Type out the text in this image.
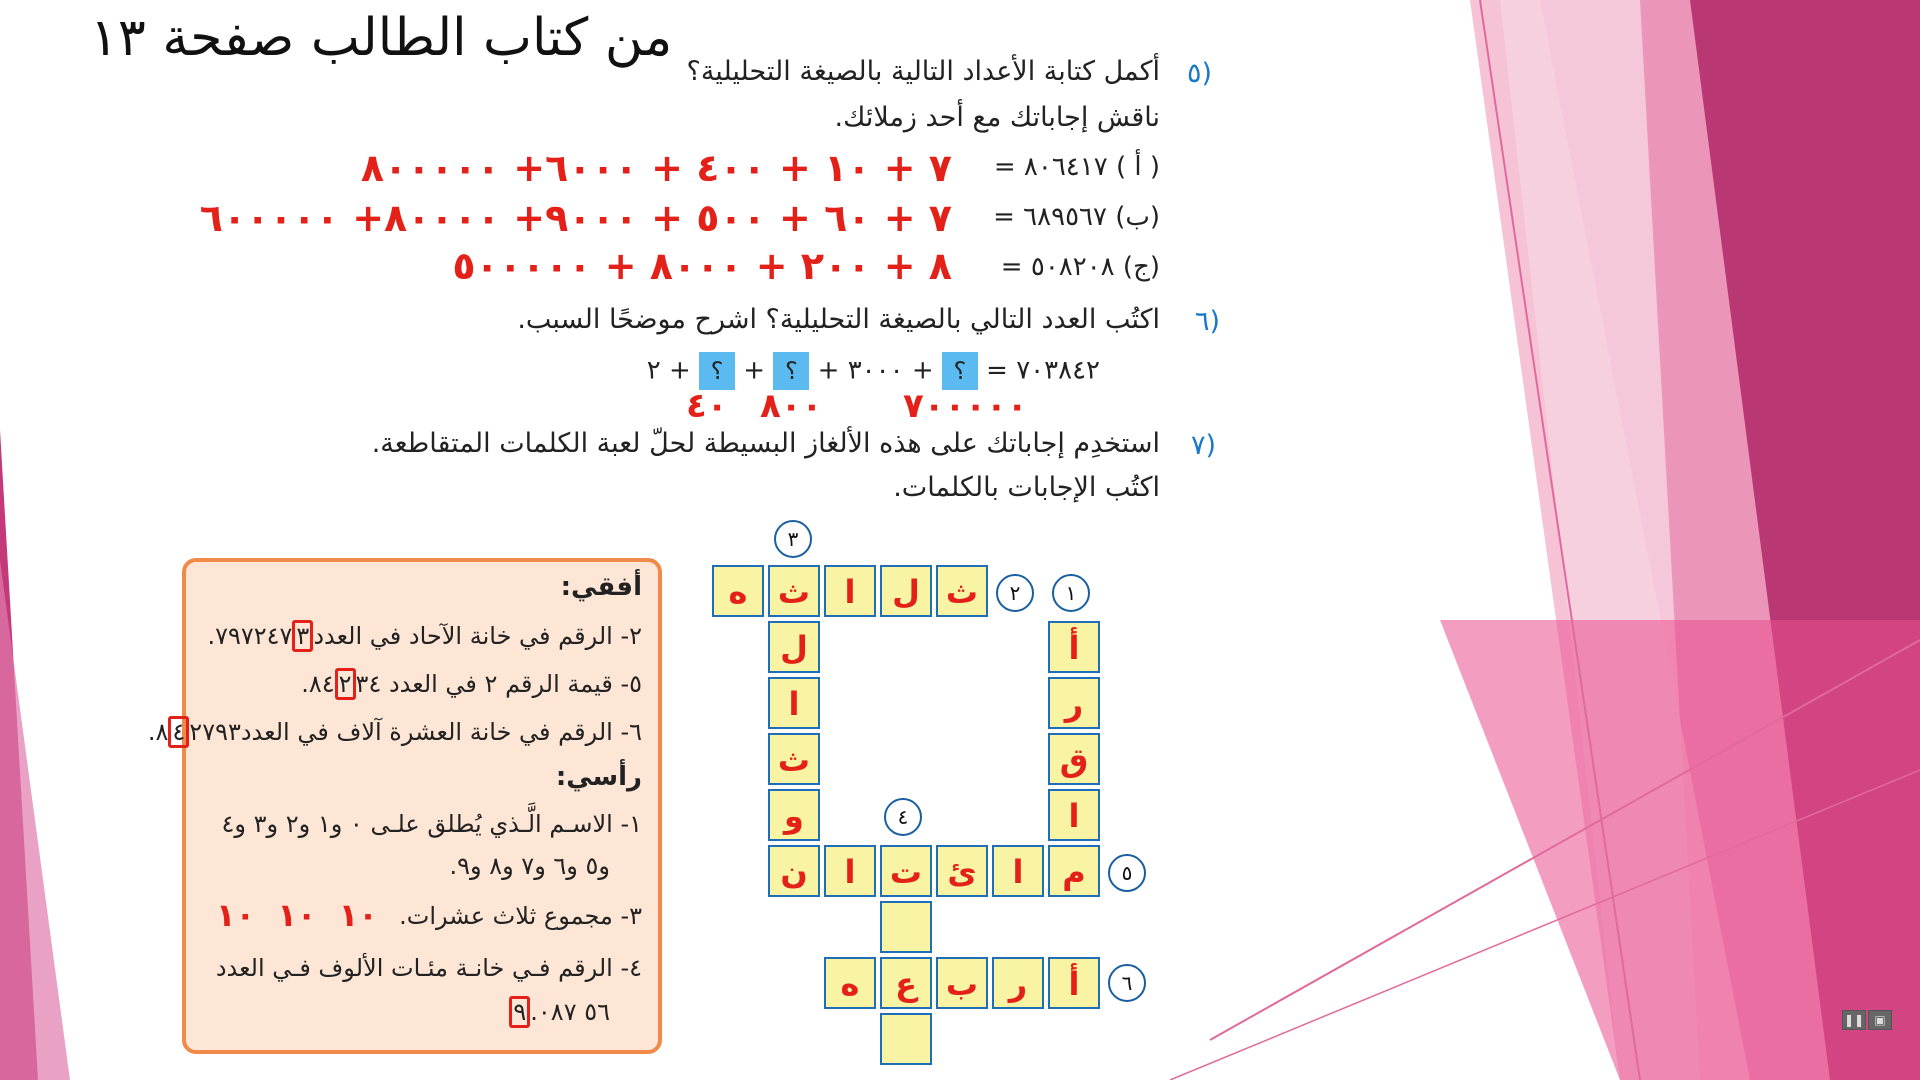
من كتاب الطالب صفحة ١٣
٥)
أكمل كتابة الأعداد التالية بالصيغة التحليلية؟
ناقش إجاباتك مع أحد زملائك.
( أ ) ٨٠٦٤١٧ =
٧ + ١٠ + ٤٠٠ + ٦٠٠٠+ ٨٠٠٠٠٠
(ب) ٦٨٩٥٦٧ =
٧ + ٦٠ + ٥٠٠ + ٩٠٠٠+ ٨٠٠٠٠+ ٦٠٠٠٠٠
(ج) ٥٠٨٢٠٨ =
٨ + ٢٠٠ + ٨٠٠٠ + ٥٠٠٠٠٠
٦)
اكتُب العدد التالي بالصيغة التحليلية؟ اشرح موضحًا السبب.
٧٠٣٨٤٢ = ؟ + ٣٠٠٠ + ؟ + ؟ + ٢
٧٠٠٠٠٠
٨٠٠
٤٠
٧)
استخدِم إجاباتك على هذه الألغاز البسيطة لحلّ لعبة الكلمات المتقاطعة.
اكتُب الإجابات بالكلمات.
١
٢
٣
٤
٥
٦
ث
ل
ا
ث
ه
ل
ا
ث
و
ن
أ
ر
ق
ا
م
ا
ئ
ت
ا
أ
ر
ب
ع
ه
أفقي:
٢- الرقم في خانة الآحاد في العدد٣٧٩٧٢٤٧.
٥- قيمة الرقم ٢ في العدد ٣٤٢٨٤.
٦- الرقم في خانة العشرة آلاف في العدد٢٧٩٣٤٨.
رأسي:
١- الاسـم الَّـذي يُطلق علـى ٠ و١ و٢ و٣ و٤
و٥ و٦ و٧ و٨ و٩.
٣- مجموع ثلاث عشرات.
١٠  ١٠  ١٠
٤- الرقم فـي خانـة مئـات الألوف فـي العدد
٥٦ ٠٨٧.٩	❚❚ ▣
